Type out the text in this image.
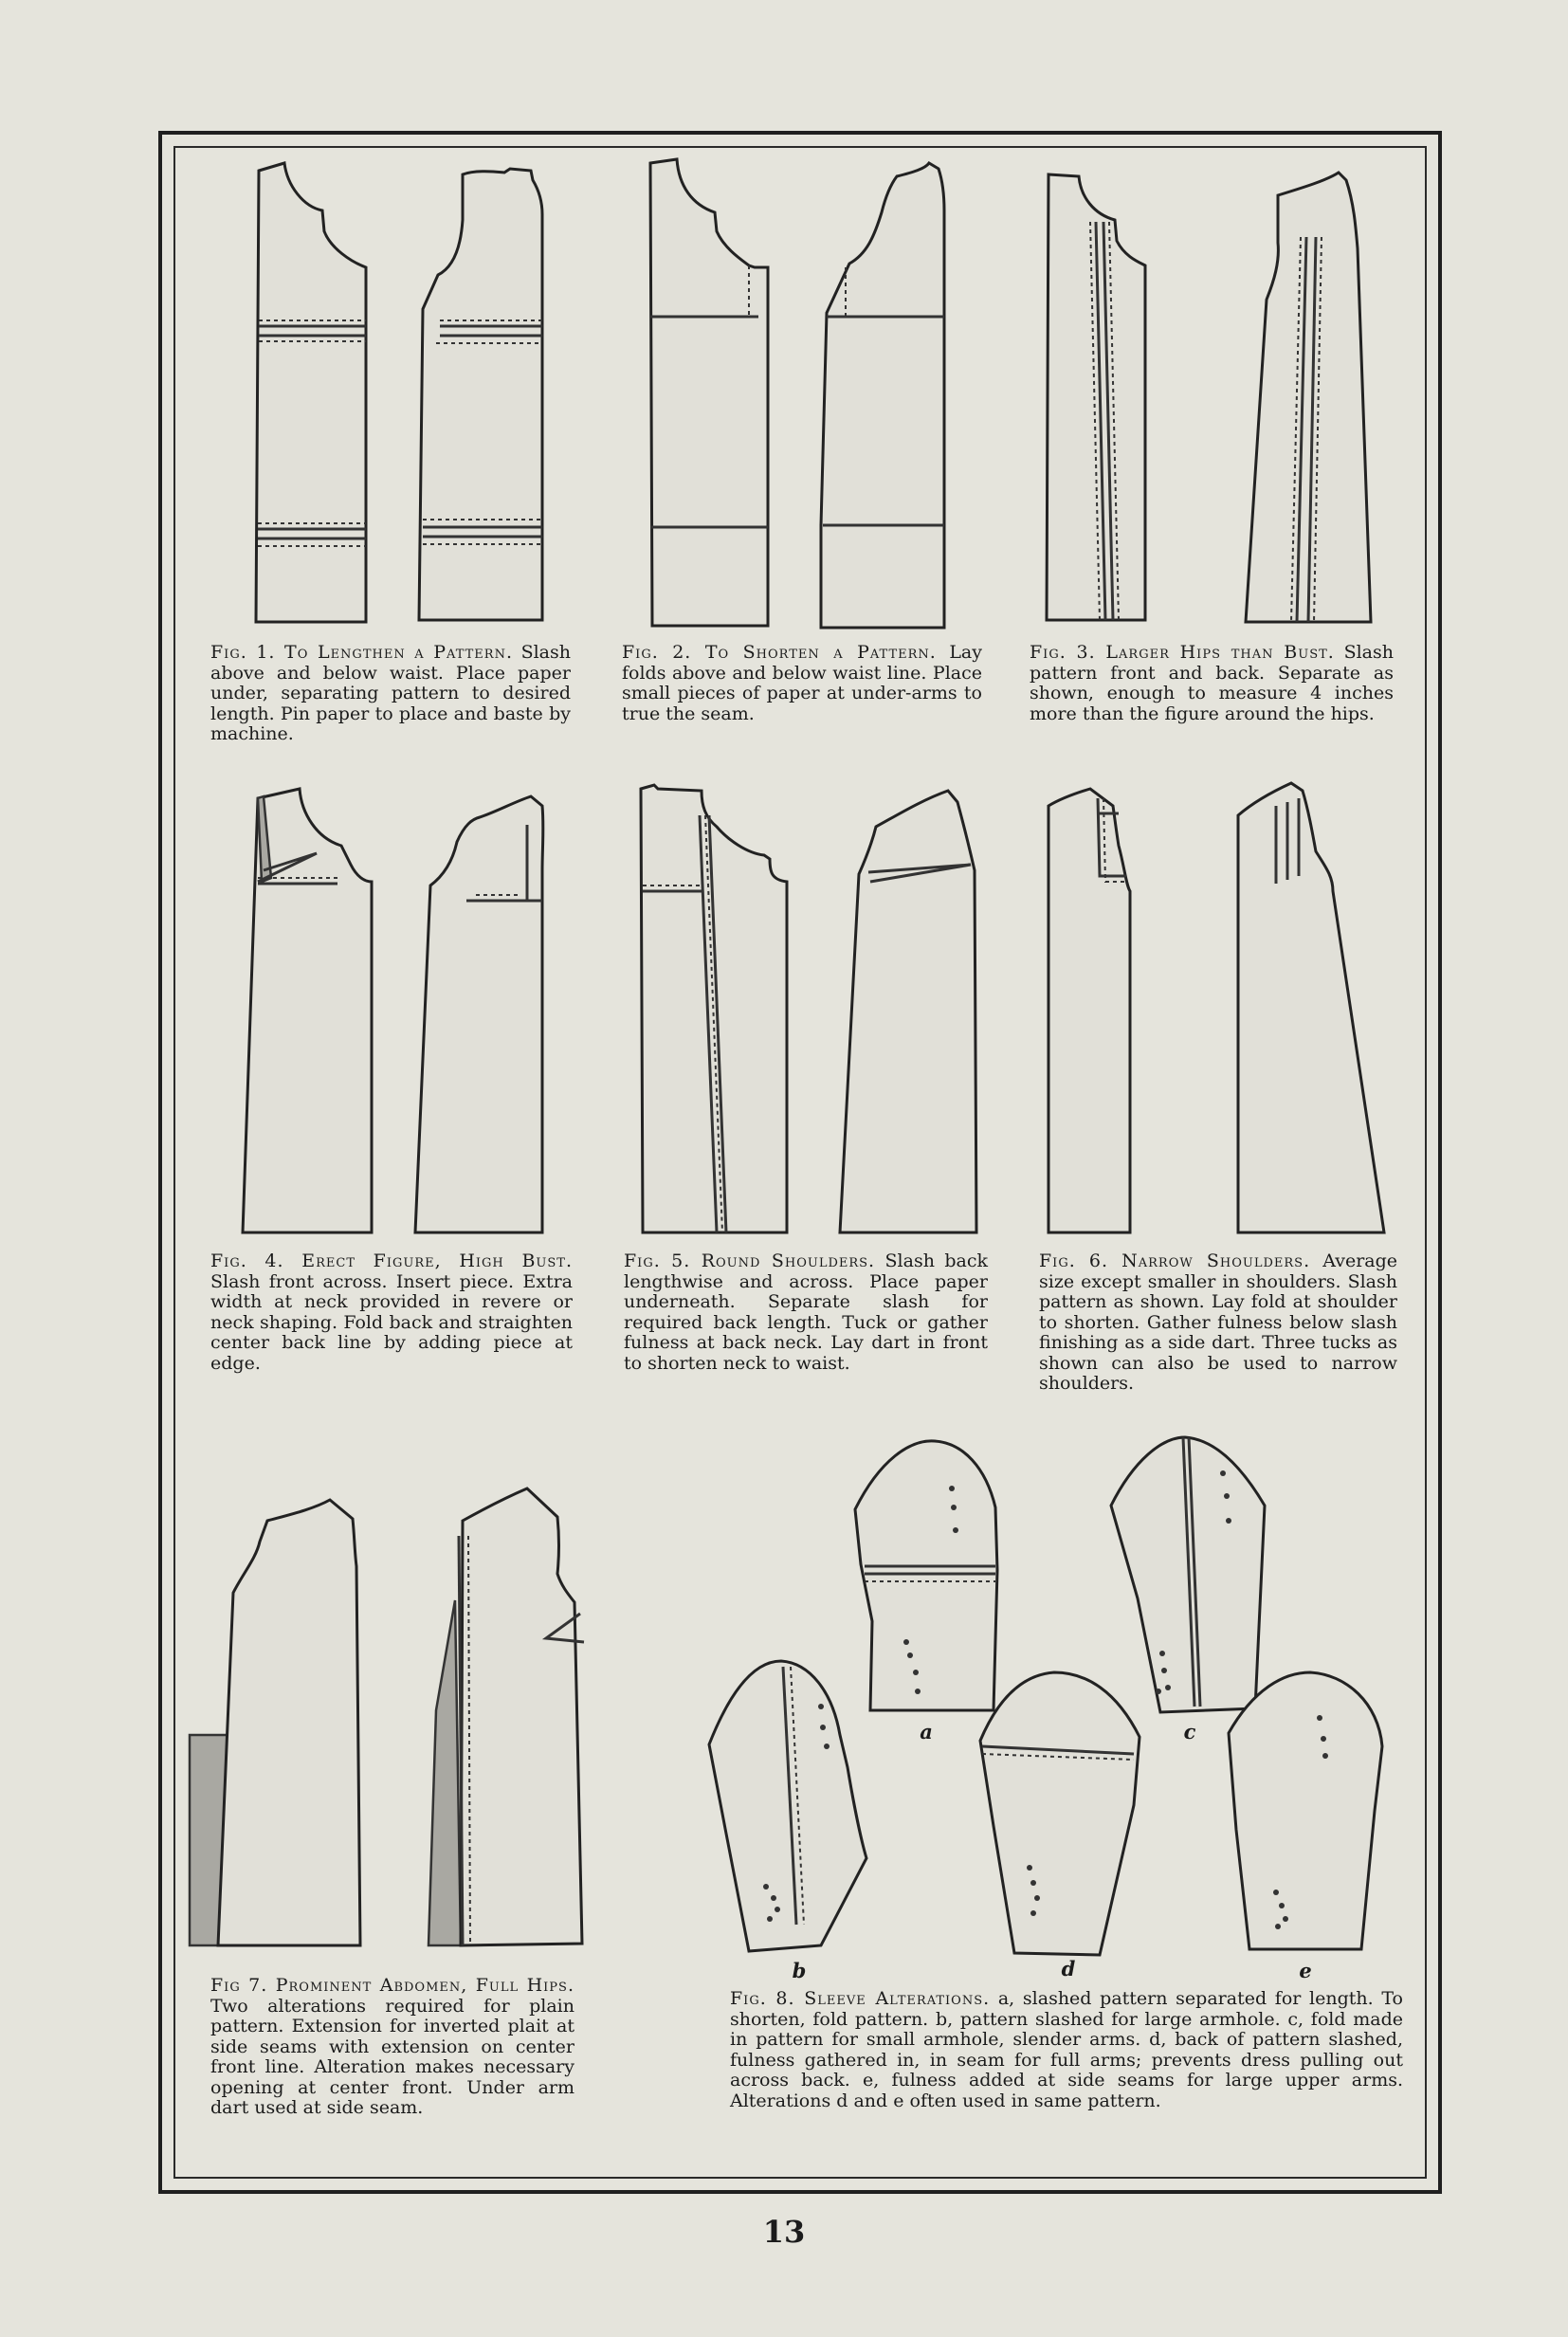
Fig. 1. To Lengthen a Pattern. Slash above and below waist. Place paper under, separating pattern to desired length. Pin paper to place and baste by machine.

Fig. 2. To Shorten a Pattern. Lay folds above and below waist line. Place small pieces of paper at under-arms to true the seam.

Fig. 3. Larger Hips than Bust. Slash pattern front and back. Separate as shown, enough to measure 4 inches more than the figure around the hips.

Fig. 4. Erect Figure, High Bust. Slash front across. Insert piece. Extra width at neck provided in revere or neck shaping. Fold back and straighten center back line by adding piece at edge.

Fig. 5. Round Shoulders. Slash back lengthwise and across. Place paper underneath. Separate slash for required back length. Tuck or gather fulness at back neck. Lay dart in front to shorten neck to waist.

Fig. 6. Narrow Shoulders. Average size except smaller in shoulders. Slash pattern as shown. Lay fold at shoulder to shorten. Gather fulness below slash finishing as a side dart. Three tucks as shown can also be used to narrow shoulders.

Fig 7. Prominent Abdomen, Full Hips. Two alterations required for plain pattern. Extension for inverted plait at side seams with extension on center front line. Alteration makes necessary opening at center front. Under arm dart used at side seam.

Fig. 8. Sleeve Alterations. a, slashed pattern separated for length. To shorten, fold pattern. b, pattern slashed for large armhole. c, fold made in pattern for small armhole, slender arms. d, back of pattern slashed, fulness gathered in, in seam for full arms; prevents dress pulling out across back. e, fulness added at side seams for large upper arms. Alterations d and e often used in same pattern.

a
b
c
d	e
13
